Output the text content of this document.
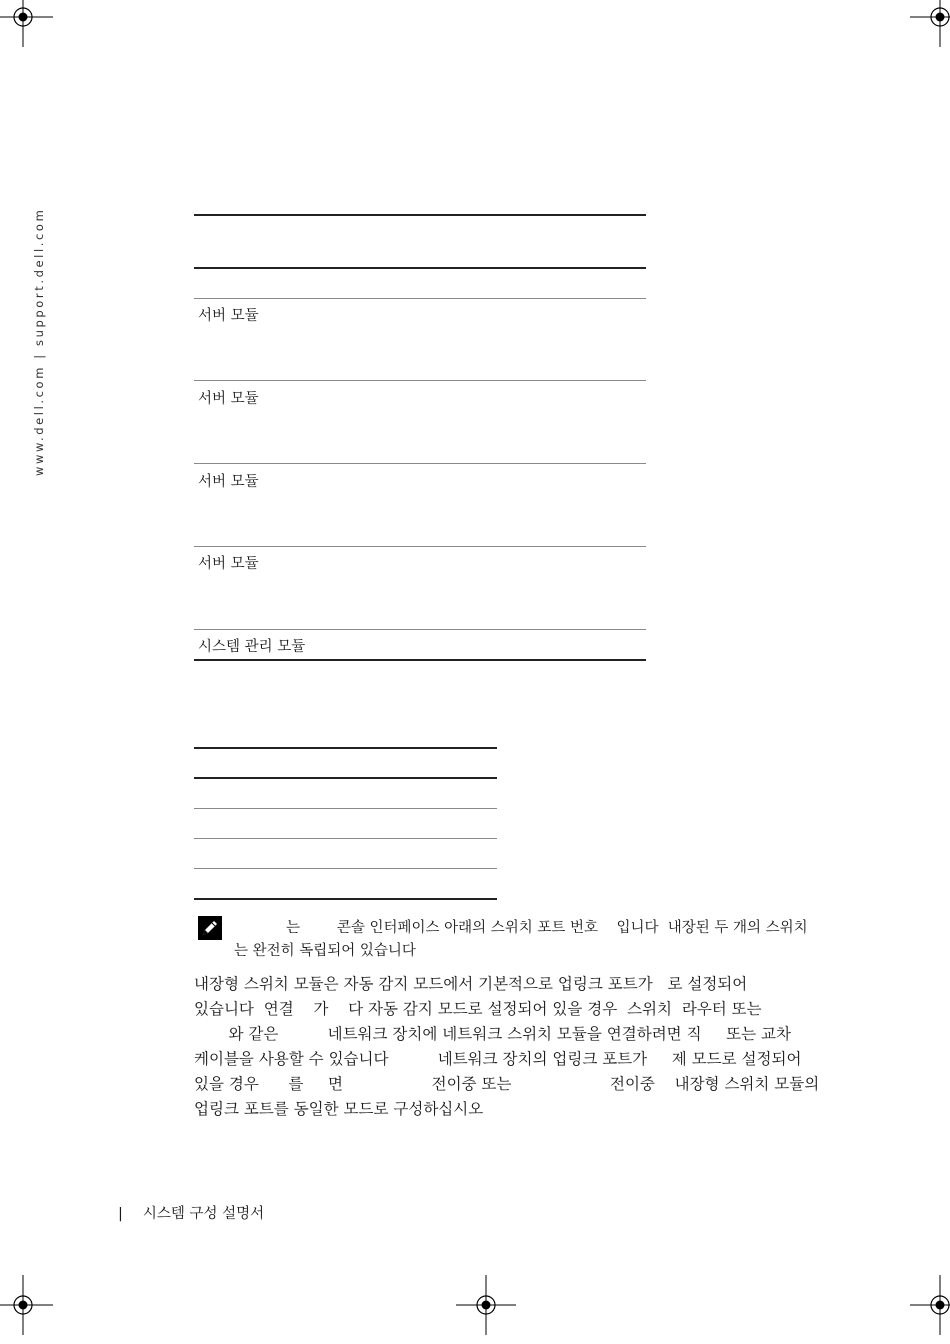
www.dell.com | support.dell.com	서버 모듈
서버 모듈
서버 모듈
서버 모듈
시스템 관리 모듈
는        콘솔 인터페이스 아래의 스위치 포트 번호    입니다  내장된 두 개의 스위치
는 완전히 독립되어 있습니다
내장형 스위치 모듈은 자동 감지 모드에서 기본적으로 업링크 포트가   로 설정되어
있습니다  연결    가    다 자동 감지 모드로 설정되어 있을 경우  스위치  라우터 또는
와 같은          네트워크 장치에 네트워크 스위치 모듈을 연결하려면 직     또는 교차
케이블을 사용할 수 있습니다          네트워크 장치의 업링크 포트가     제 모드로 설정되어
있을 경우      를     면                  전이중 또는                    전이중    내장형 스위치 모듈의
업링크 포트를 동일한 모드로 구성하십시오
| 시스템 구성 설명서
